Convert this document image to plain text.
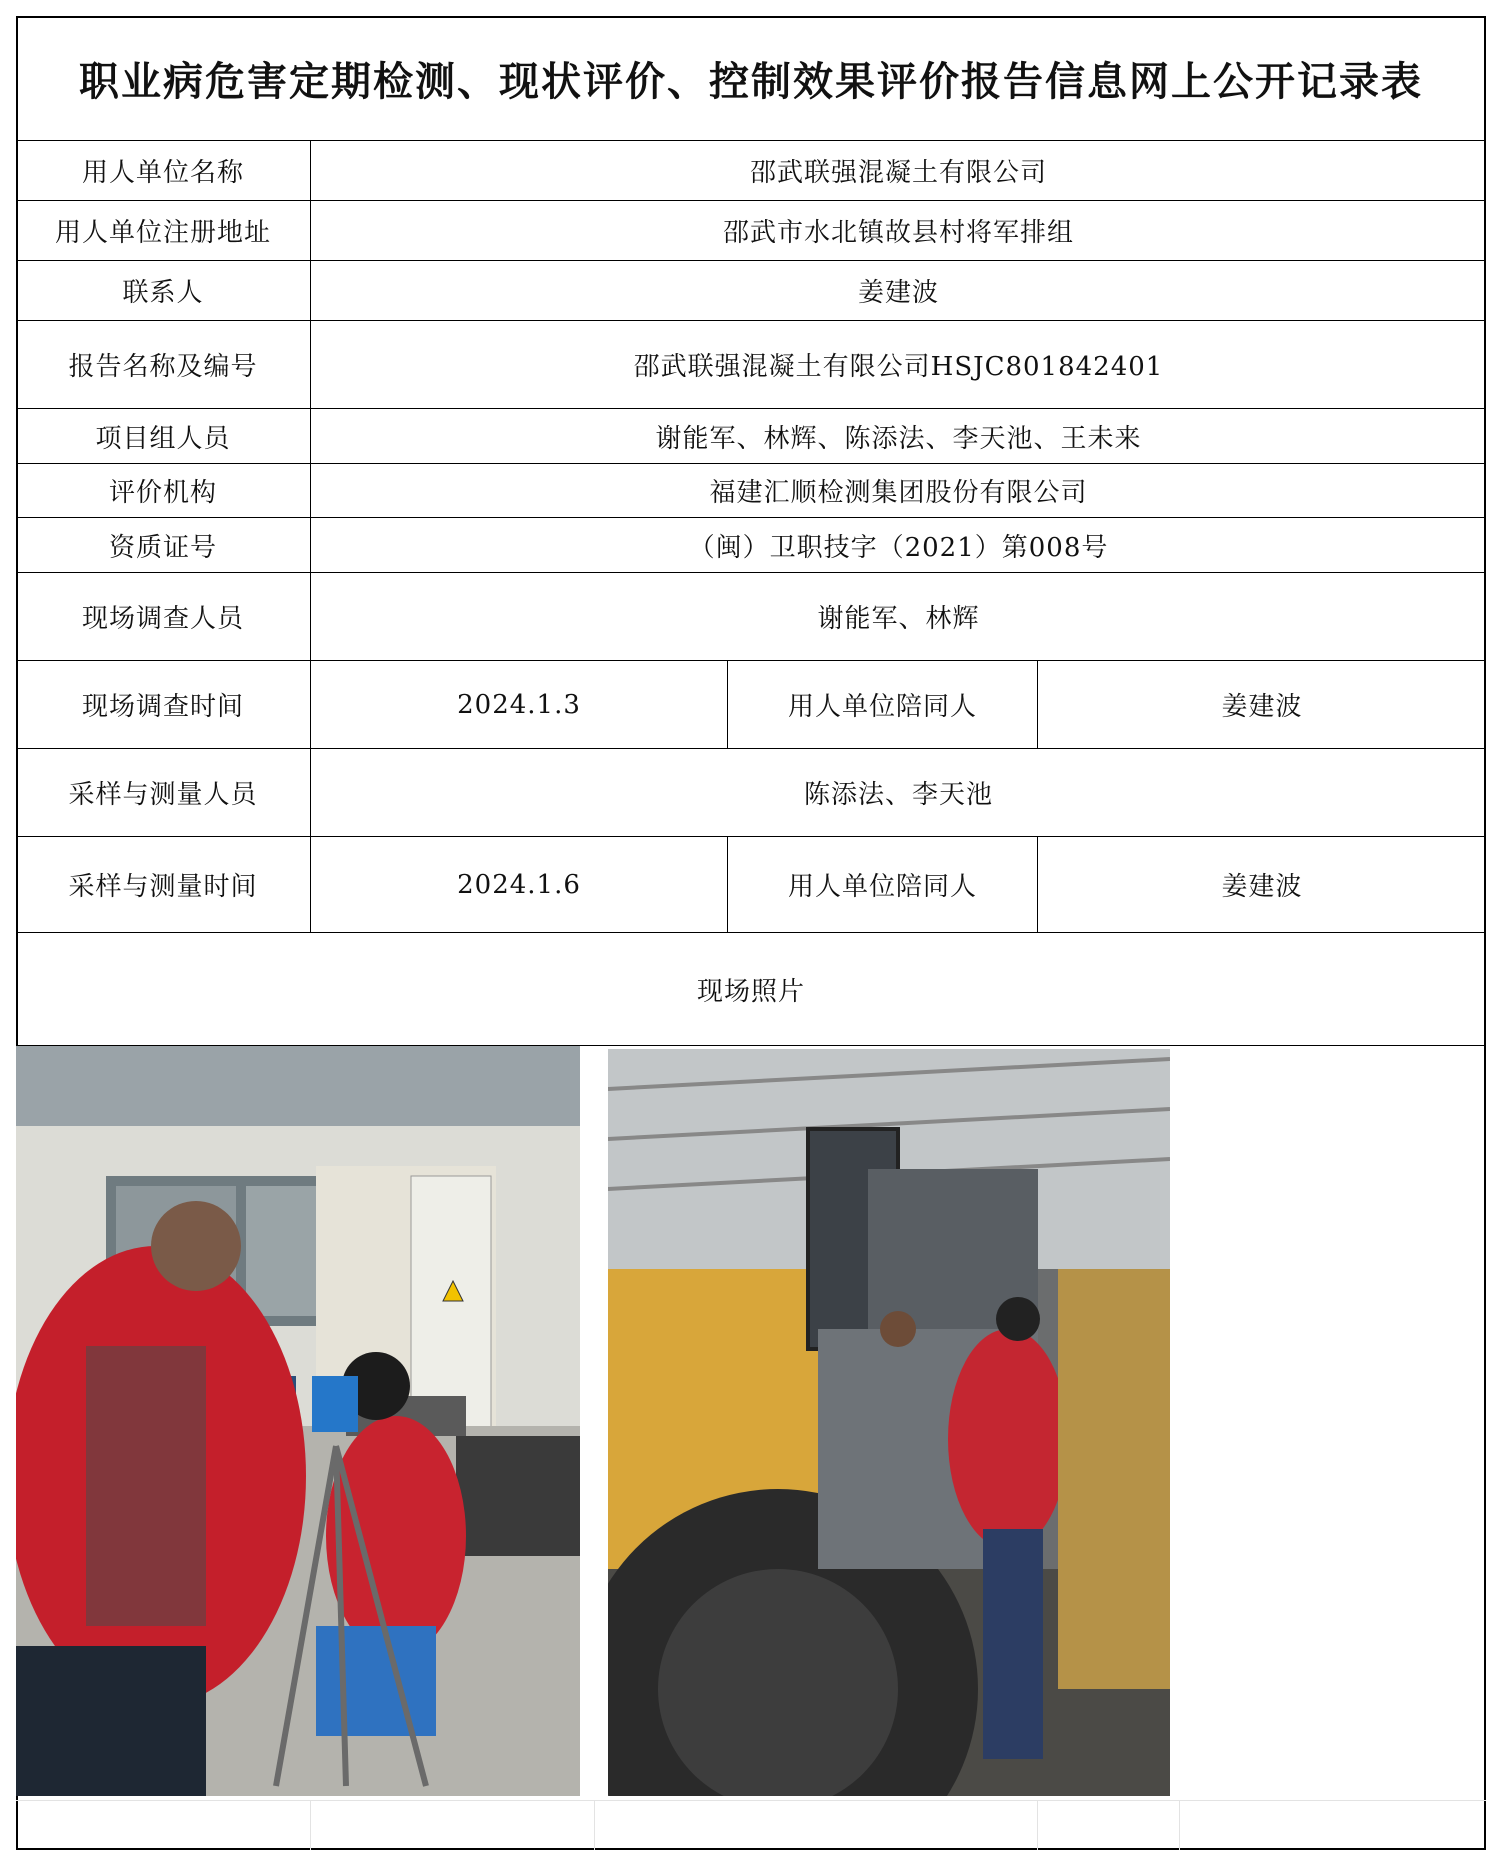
职业病危害定期检测、现状评价、控制效果评价报告信息网上公开记录表
用人单位名称	邵武联强混凝土有限公司
用人单位注册地址	邵武市水北镇故县村将军排组
联系人	姜建波
报告名称及编号	邵武联强混凝土有限公司HSJC801842401
项目组人员	谢能军、林辉、陈添法、李天池、王未来
评价机构	福建汇顺检测集团股份有限公司
资质证号	（闽）卫职技字（2021）第008号
现场调查人员	谢能军、林辉
现场调查时间	2024.1.3	用人单位陪同人	姜建波
采样与测量人员	陈添法、李天池
采样与测量时间	2024.1.6	用人单位陪同人	姜建波
现场照片
